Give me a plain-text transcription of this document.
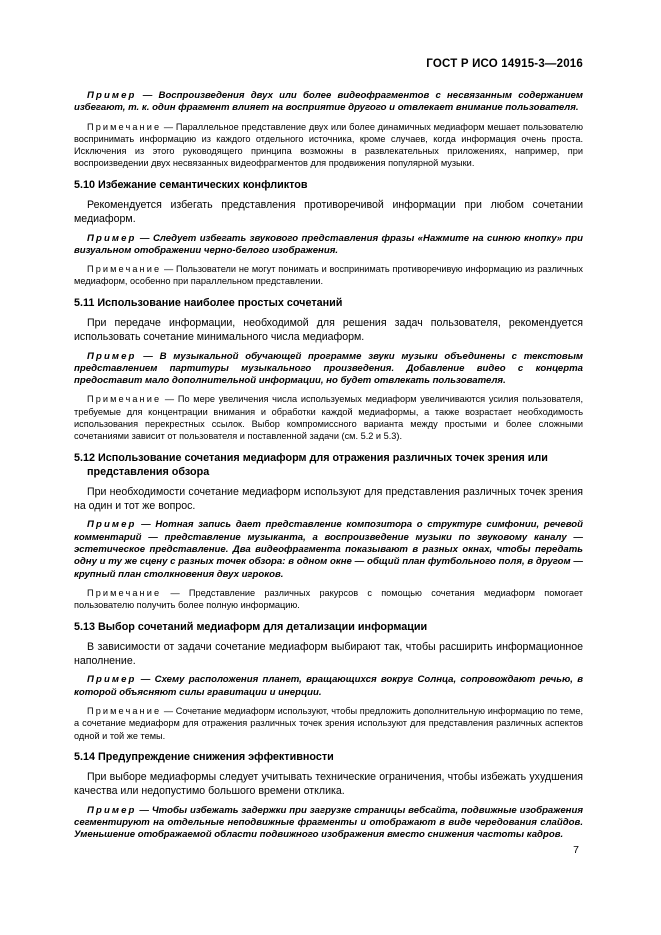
ГОСТ Р ИСО 14915-3—2016

Пример — Воспроизведения двух или более видеофрагментов с несвязанным содержанием избегают, т. к. один фрагмент влияет на восприятие другого и отвлекает внимание пользователя.

Примечание — Параллельное представление двух или более динамичных медиаформ мешает пользователю воспринимать информацию из каждого отдельного источника, кроме случаев, когда информация очень проста. Исключения из этого руководящего принципа возможны в развлекательных приложениях, например, при воспроизведении двух несвязанных видеофрагментов для продвижения популярной музыки.

5.10 Избежание семантических конфликтов

Рекомендуется избегать представления противоречивой информации при любом сочетании медиаформ.

Пример — Следует избегать звукового представления фразы «Нажмите на синюю кнопку» при визуальном отображении черно-белого изображения.

Примечание — Пользователи не могут понимать и воспринимать противоречивую информацию из различных медиаформ, особенно при параллельном представлении.

5.11 Использование наиболее простых сочетаний

При передаче информации, необходимой для решения задач пользователя, рекомендуется использовать сочетание минимального числа медиаформ.

Пример — В музыкальной обучающей программе звуки музыки объединены с текстовым представлением партитуры музыкального произведения. Добавление видео с концерта предоставит мало дополнительной информации, но будет отвлекать пользователя.

Примечание — По мере увеличения числа используемых медиаформ увеличиваются усилия пользователя, требуемые для концентрации внимания и обработки каждой медиаформы, а также возрастает необходимость использования перекрестных ссылок. Выбор компромиссного варианта между простыми и более сложными сочетаниями зависит от пользователя и поставленной задачи (см. 5.2 и 5.3).

5.12 Использование сочетания медиаформ для отражения различных точек зрения или представления обзора

При необходимости сочетание медиаформ используют для представления различных точек зрения на один и тот же вопрос.

Пример — Нотная запись дает представление композитора о структуре симфонии, речевой комментарий — представление музыканта, а воспроизведение музыки по звуковому каналу — эстетическое представление. Два видеофрагмента показывают в разных окнах, чтобы передать одну и ту же сцену с разных точек обзора: в одном окне — общий план футбольного поля, в другом — крупный план столкновения двух игроков.

Примечание — Представление различных ракурсов с помощью сочетания медиаформ помогает пользователю получить более полную информацию.

5.13 Выбор сочетаний медиаформ для детализации информации

В зависимости от задачи сочетание медиаформ выбирают так, чтобы расширить информационное наполнение.

Пример — Схему расположения планет, вращающихся вокруг Солнца, сопровождают речью, в которой объясняют силы гравитации и инерции.

Примечание — Сочетание медиаформ используют, чтобы предложить дополнительную информацию по теме, а сочетание медиаформ для отражения различных точек зрения используют для представления различных аспектов одной и той же темы.

5.14 Предупреждение снижения эффективности

При выборе медиаформы следует учитывать технические ограничения, чтобы избежать ухудшения качества или недопустимо большого времени отклика.

Пример — Чтобы избежать задержки при загрузке страницы вебсайта, подвижные изображения сегментируют на отдельные неподвижные фрагменты и отображают в виде чередования слайдов. Уменьшение отображаемой области подвижного изображения вместо снижения частоты кадров.

7
